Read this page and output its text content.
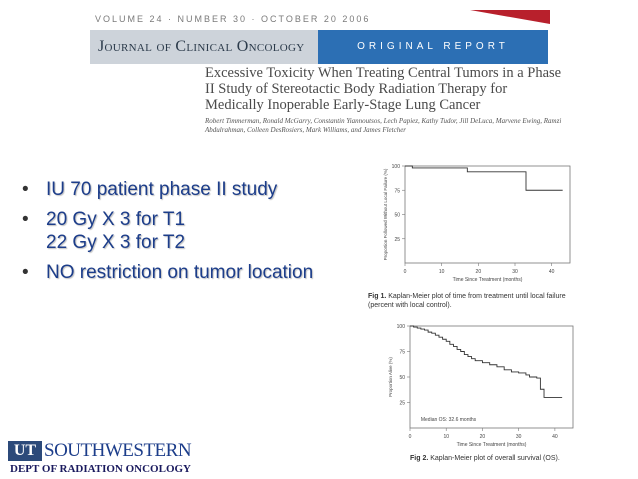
VOLUME 24 · NUMBER 30 · OCTOBER 20 2006
Journal of Clinical Oncology	ORIGINAL REPORT
Excessive Toxicity When Treating Central Tumors in a Phase II Study of Stereotactic Body Radiation Therapy for Medically Inoperable Early-Stage Lung Cancer
Robert Timmerman, Ronald McGarry, Constantin Yiannoutsos, Lech Papiez, Kathy Tudor, Jill DeLuca, Marvene Ewing, Ramzi Abdulrahman, Colleen DesRosiers, Mark Williams, and James Fletcher
• IU 70 patient phase II study
• 20 Gy X 3 for T1
22 Gy X 3 for T2
• NO restriction on tumor location	0	10	20	30	40
25
50
75
100
Time Since Treatment (months)
Proportion Followed Without Local Failure (%)
Fig 1. Kaplan-Meier plot of time from treatment until local failure (percent with local control).
0	10	20	30	40
25
50
75
100
Time Since Treatment (months)
Proportion Alive (%)
Median OS: 32.6 months
Fig 2. Kaplan-Meier plot of overall survival (OS).
UT SOUTHWESTERN
DEPT OF RADIATION ONCOLOGY
